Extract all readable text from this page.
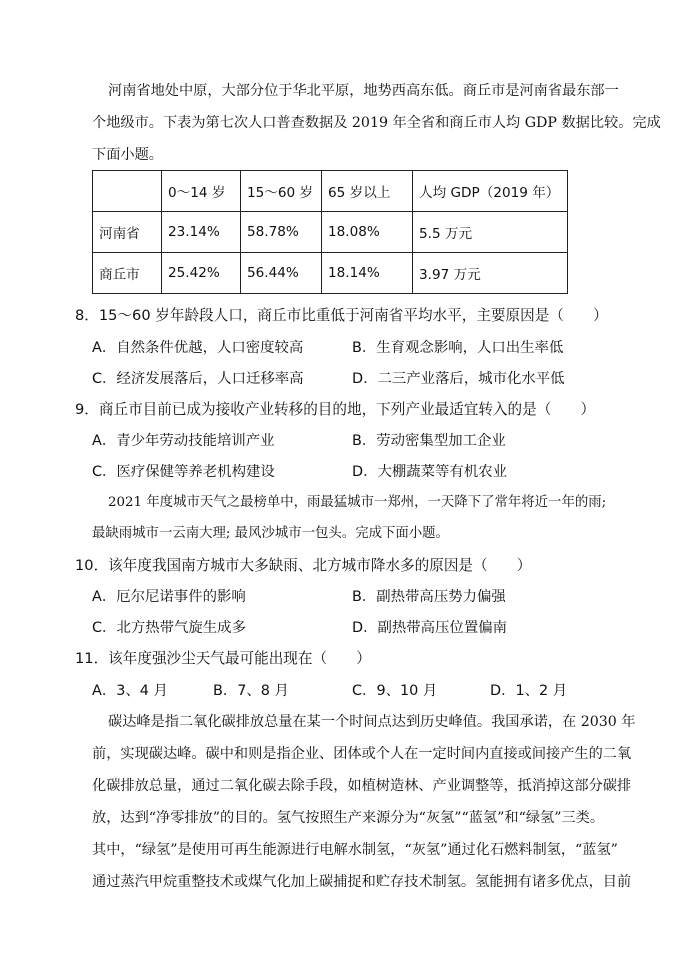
河南省地处中原，大部分位于华北平原，地势西高东低。商丘市是河南省最东部一
个地级市。下表为第七次人口普查数据及 2019 年全省和商丘市人均 GDP 数据比较。完成
下面小题。
	0～14 岁	15～60 岁	65 岁以上	人均 GDP（2019 年）
河南省	23.14%	58.78%	18.08%	5.5 万元
商丘市	25.42%	56.44%	18.14%	3.97 万元
8．15～60 岁年龄段人口，商丘市比重低于河南省平均水平，主要原因是（　　）
A．自然条件优越，人口密度较高	B．生育观念影响，人口出生率低
C．经济发展落后，人口迁移率高	D．二三产业落后，城市化水平低
9．商丘市目前已成为接收产业转移的目的地，下列产业最适宜转入的是（　　）
A．青少年劳动技能培训产业	B．劳动密集型加工企业
C．医疗保健等养老机构建设	D．大棚蔬菜等有机农业
2021 年度城市天气之最榜单中，雨最猛城市一郑州，一天降下了常年将近一年的雨;
最缺雨城市一云南大理; 最风沙城市一包头。完成下面小题。
10．该年度我国南方城市大多缺雨、北方城市降水多的原因是（　　）
A．厄尔尼诺事件的影响	B．副热带高压势力偏强
C．北方热带气旋生成多	D．副热带高压位置偏南
11．该年度强沙尘天气最可能出现在（　　）
A．3、4 月	B．7、8 月	C．9、10 月	D．1、2 月
碳达峰是指二氧化碳排放总量在某一个时间点达到历史峰值。我国承诺，在 2030 年
前，实现碳达峰。碳中和则是指企业、团体或个人在一定时间内直接或间接产生的二氧
化碳排放总量，通过二氧化碳去除手段，如植树造林、产业调整等，抵消掉这部分碳排
放，达到“净零排放”的目的。氢气按照生产来源分为“灰氢”“蓝氢”和“绿氢”三类。
其中，“绿氢”是使用可再生能源进行电解水制氢，“灰氢”通过化石燃料制氢，“蓝氢”
通过蒸汽甲烷重整技术或煤气化加上碳捕捉和贮存技术制氢。氢能拥有诸多优点，目前
